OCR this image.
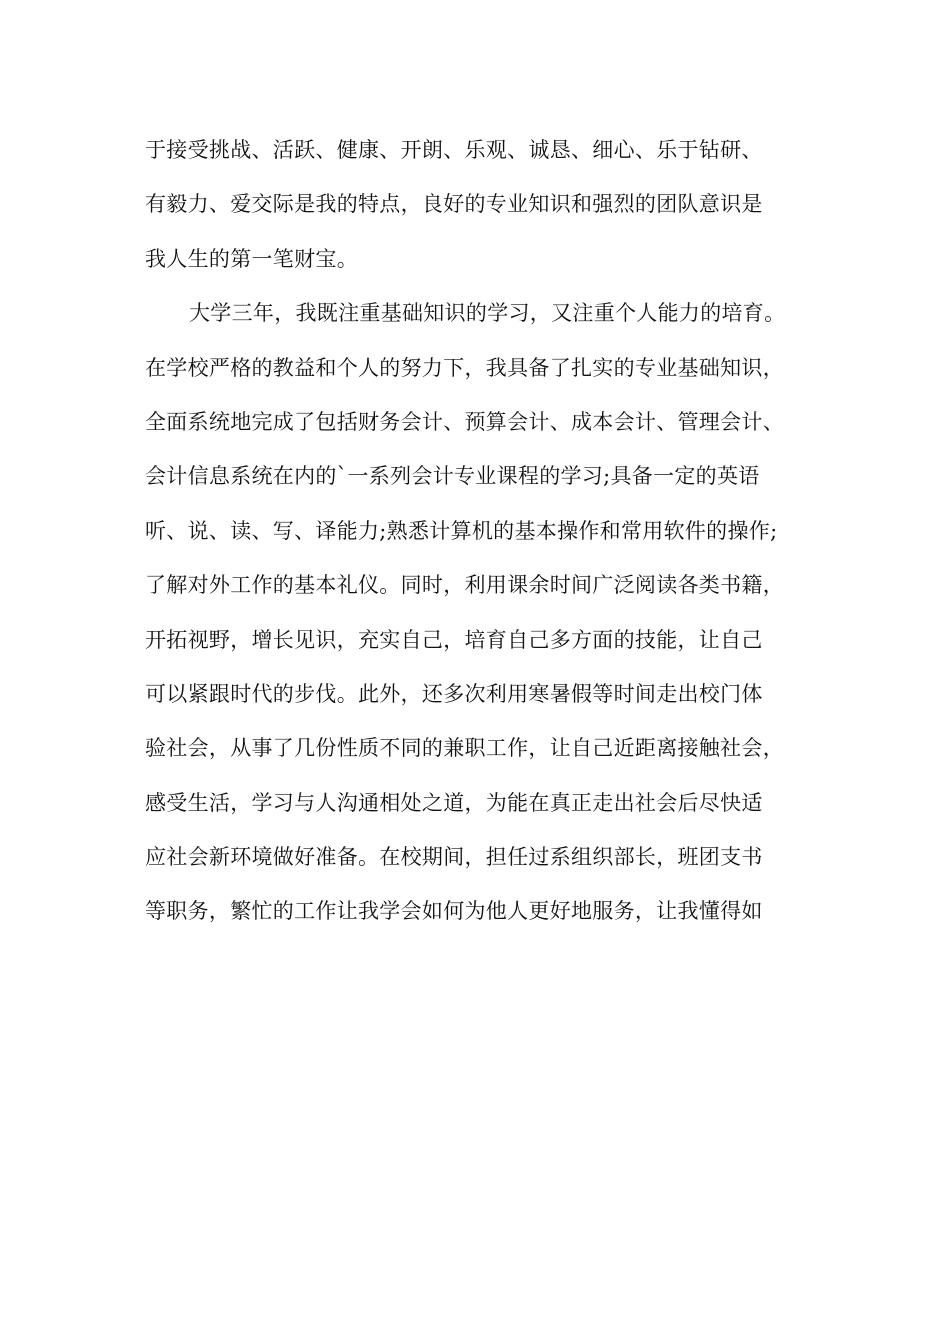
于接受挑战、活跃、健康、开朗、乐观、诚恳、细心、乐于钻研、
有毅力、爱交际是我的特点，良好的专业知识和强烈的团队意识是
我人生的第一笔财宝。
大学三年，我既注重基础知识的学习，又注重个人能力的培育。
在学校严格的教益和个人的努力下，我具备了扎实的专业基础知识，
全面系统地完成了包括财务会计、预算会计、成本会计、管理会计、
会计信息系统在内的`一系列会计专业课程的学习;具备一定的英语
听、说、读、写、译能力;熟悉计算机的基本操作和常用软件的操作;
了解对外工作的基本礼仪。同时，利用课余时间广泛阅读各类书籍，
开拓视野，增长见识，充实自己，培育自己多方面的技能，让自己
可以紧跟时代的步伐。此外，还多次利用寒暑假等时间走出校门体
验社会，从事了几份性质不同的兼职工作，让自己近距离接触社会，
感受生活，学习与人沟通相处之道，为能在真正走出社会后尽快适
应社会新环境做好准备。在校期间，担任过系组织部长，班团支书
等职务，繁忙的工作让我学会如何为他人更好地服务，让我懂得如
